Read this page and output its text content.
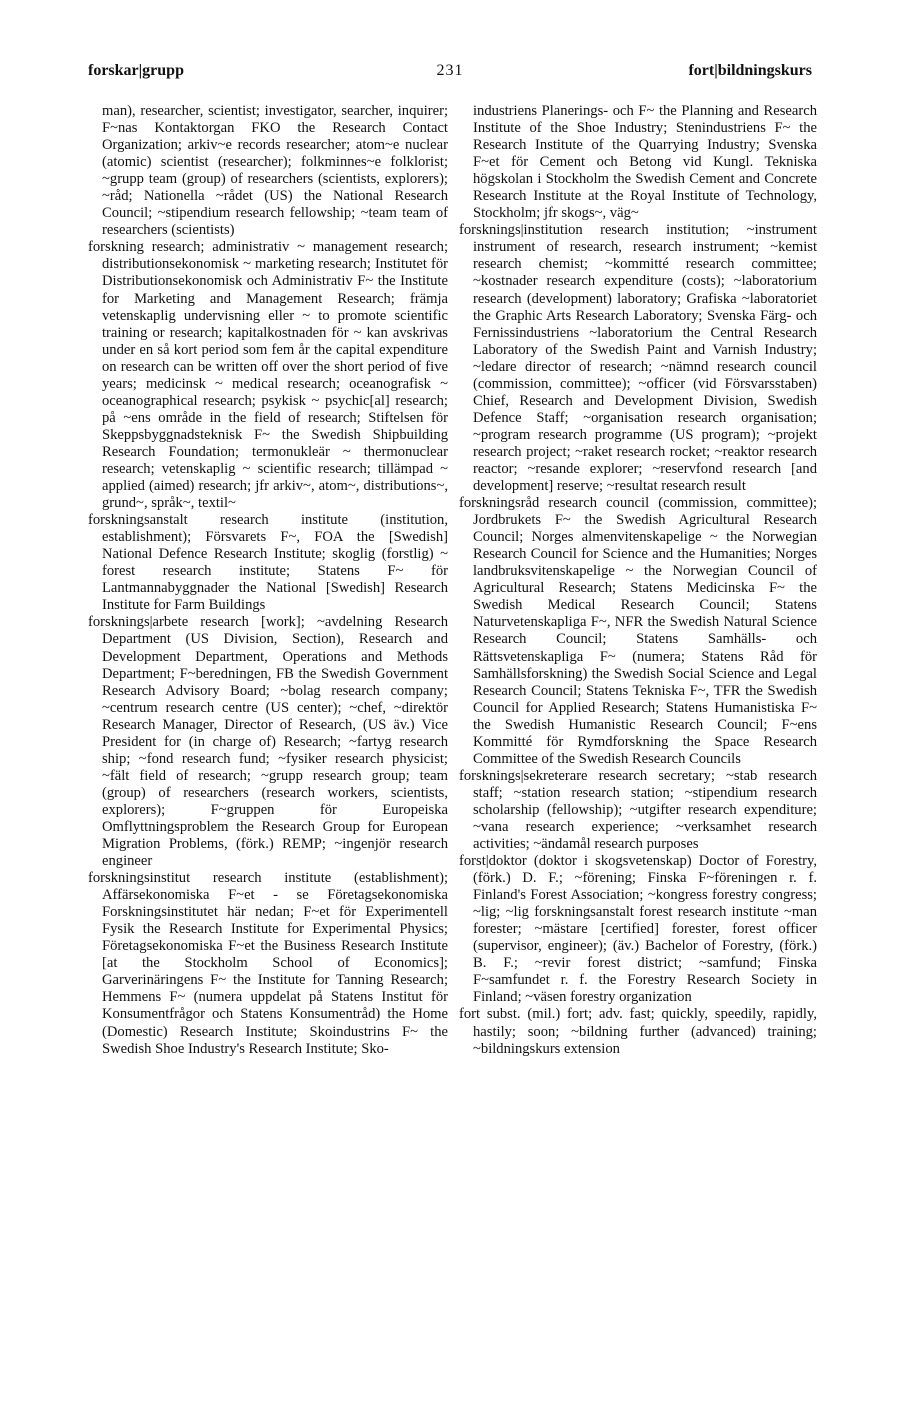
forskar|grupp	231	fort|bildningskurs

man), researcher, scientist; investigator, searcher, inquirer; F~nas Kontaktorgan FKO the Research Contact Organization; arkiv~e records researcher; atom~e nuclear (atomic) scientist (researcher); folkminnes~e folklorist; ~grupp team (group) of researchers (scientists, explorers); ~råd; Nationella ~rådet (US) the National Research Council; ~stipendium research fellowship; ~team team of researchers (scientists)

forskning research; administrativ ~ management research; distributionsekonomisk ~ marketing research; Institutet för Distributionsekonomisk och Administrativ F~ the Institute for Marketing and Management Research; främja vetenskaplig undervisning eller ~ to promote scientific training or research; kapitalkostnaden för ~ kan avskrivas under en så kort period som fem år the capital expenditure on research can be written off over the short period of five years; medicinsk ~ medical research; oceanografisk ~ oceanographical research; psykisk ~ psychic[al] research; på ~ens område in the field of research; Stiftelsen för Skeppsbyggnadsteknisk F~ the Swedish Shipbuilding Research Foundation; termonukleär ~ thermonuclear research; vetenskaplig ~ scientific research; tillämpad ~ applied (aimed) research; jfr arkiv~, atom~, distributions~, grund~, språk~, textil~

forskningsanstalt research institute (institution, establishment); Försvarets F~, FOA the [Swedish] National Defence Research Institute; skoglig (forstlig) ~ forest research institute; Statens F~ för Lantmannabyggnader the National [Swedish] Research Institute for Farm Buildings

forsknings|arbete research [work]; ~avdelning Research Department (US Division, Section), Research and Development Department, Operations and Methods Department; F~beredningen, FB the Swedish Government Research Advisory Board; ~bolag research company; ~centrum research centre (US center); ~chef, ~direktör Research Manager, Director of Research, (US äv.) Vice President for (in charge of) Research; ~fartyg research ship; ~fond research fund; ~fysiker research physicist; ~fält field of research; ~grupp research group; team (group) of researchers (research workers, scientists, explorers); F~gruppen för Europeiska Omflyttningsproblem the Research Group for European Migration Problems, (förk.) REMP; ~ingenjör research engineer

forskningsinstitut research institute (establishment); Affärsekonomiska F~et - se Företagsekonomiska Forskningsinstitutet här nedan; F~et för Experimentell Fysik the Research Institute for Experimental Physics; Företagsekonomiska F~et the Business Research Institute [at the Stockholm School of Economics]; Garverinäringens F~ the Institute for Tanning Research; Hemmens F~ (numera uppdelat på Statens Institut för Konsumentfrågor och Statens Konsumentråd) the Home (Domestic) Research Institute; Skoindustrins F~ the Swedish Shoe Industry's Research Institute; Sko-

industriens Planerings- och F~ the Planning and Research Institute of the Shoe Industry; Stenindustriens F~ the Research Institute of the Quarrying Industry; Svenska F~et för Cement och Betong vid Kungl. Tekniska högskolan i Stockholm the Swedish Cement and Concrete Research Institute at the Royal Institute of Technology, Stockholm; jfr skogs~, väg~

forsknings|institution research institution; ~instrument instrument of research, research instrument; ~kemist research chemist; ~kommitté research committee; ~kostnader research expenditure (costs); ~laboratorium research (development) laboratory; Grafiska ~laboratoriet the Graphic Arts Research Laboratory; Svenska Färg- och Fernissindustriens ~laboratorium the Central Research Laboratory of the Swedish Paint and Varnish Industry; ~ledare director of research; ~nämnd research council (commission, committee); ~officer (vid Försvarsstaben) Chief, Research and Development Division, Swedish Defence Staff; ~organisation research organisation; ~program research programme (US program); ~projekt research project; ~raket research rocket; ~reaktor research reactor; ~resande explorer; ~reservfond research [and development] reserve; ~resultat research result

forskningsråd research council (commission, committee); Jordbrukets F~ the Swedish Agricultural Research Council; Norges almenvitenskapelige ~ the Norwegian Research Council for Science and the Humanities; Norges landbruksvitenskapelige ~ the Norwegian Council of Agricultural Research; Statens Medicinska F~ the Swedish Medical Research Council; Statens Naturvetenskapliga F~, NFR the Swedish Natural Science Research Council; Statens Samhälls- och Rättsvetenskapliga F~ (numera; Statens Råd för Samhällsforskning) the Swedish Social Science and Legal Research Council; Statens Tekniska F~, TFR the Swedish Council for Applied Research; Statens Humanistiska F~ the Swedish Humanistic Research Council; F~ens Kommitté för Rymdforskning the Space Research Committee of the Swedish Research Councils

forsknings|sekreterare research secretary; ~stab research staff; ~station research station; ~stipendium research scholarship (fellowship); ~utgifter research expenditure; ~vana research experience; ~verksamhet research activities; ~ändamål research purposes

forst|doktor (doktor i skogsvetenskap) Doctor of Forestry, (förk.) D. F.; ~förening; Finska F~föreningen r. f. Finland's Forest Association; ~kongress forestry congress; ~lig; ~lig forskningsanstalt forest research institute ~man forester; ~mästare [certified] forester, forest officer (supervisor, engineer); (äv.) Bachelor of Forestry, (förk.) B. F.; ~revir forest district; ~samfund; Finska F~samfundet r. f. the Forestry Research Society in Finland; ~väsen forestry organization

fort subst. (mil.) fort; adv. fast; quickly, speedily, rapidly, hastily; soon; ~bildning further (advanced) training; ~bildningskurs extension
